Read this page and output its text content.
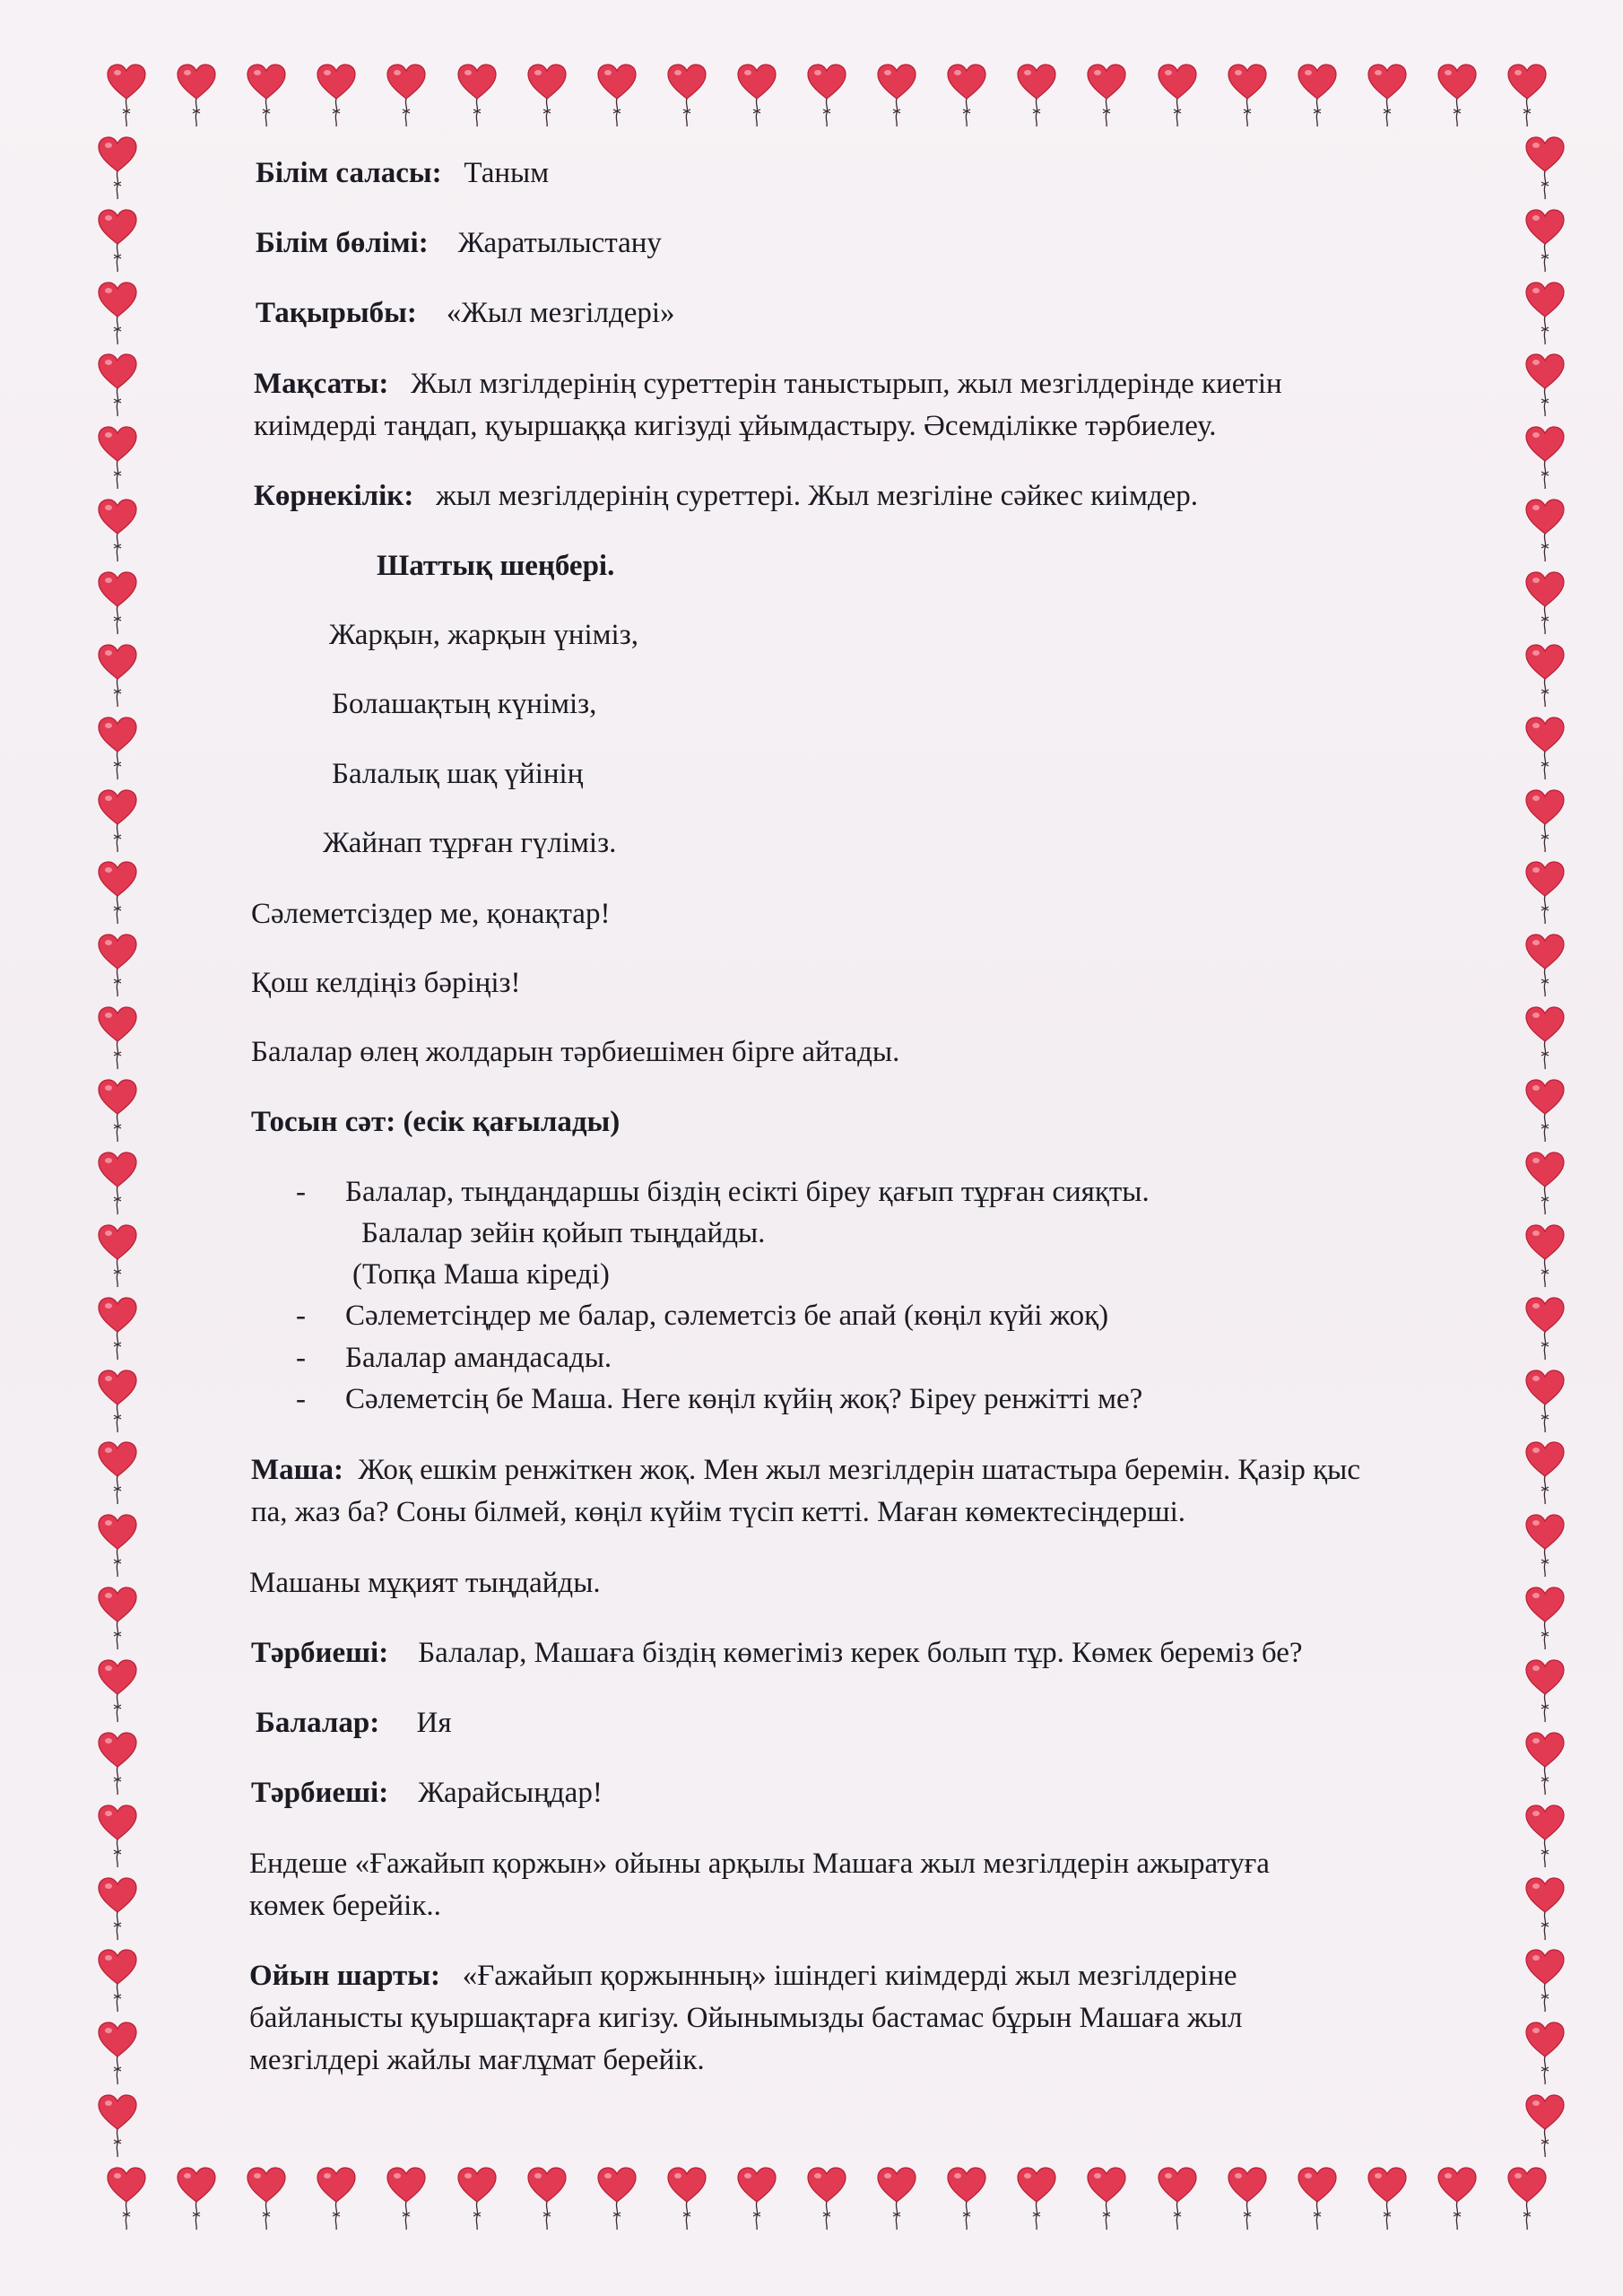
Білім саласы: Таным
Білім бөлімі: Жаратылыстану
Тақырыбы: «Жыл мезгілдері»
Мақсаты: Жыл мзгілдерінің суреттерін таныстырып, жыл мезгілдерінде киетін
киімдерді таңдап, қуыршаққа кигізуді ұйымдастыру. Әсемділікке тәрбиелеу.
Көрнекілік: жыл мезгілдерінің суреттері. Жыл мезгіліне сәйкес киімдер.
Шаттық шеңбері.
Жарқын, жарқын үніміз,
Болашақтың күніміз,
Балалық шақ үйінің
Жайнап тұрған гүліміз.
Сәлеметсіздер ме, қонақтар!
Қош келдіңіз бәріңіз!
Балалар өлең жолдарын тәрбиешімен бірге айтады.
Тосын сәт: (есік қағылады)
- Балалар, тыңдаңдаршы біздің есікті біреу қағып тұрған сияқты.
Балалар зейін қойып тыңдайды.
(Топқа Маша кіреді)
- Сәлеметсіңдер ме балар, сәлеметсіз бе апай (көңіл күйі жоқ)
- Балалар амандасады.
- Сәлеметсің бе Маша. Неге көңіл күйің жоқ? Біреу ренжітті ме?
Маша: Жоқ ешкім ренжіткен жоқ. Мен жыл мезгілдерін шатастыра беремін. Қазір қыс
па, жаз ба? Соны білмей, көңіл күйім түсіп кетті. Маған көмектесіңдерші.
Машаны мұқият тыңдайды.
Тәрбиеші: Балалар, Машаға біздің көмегіміз керек болып тұр. Көмек береміз бе?
Балалар: Ия
Тәрбиеші: Жарайсыңдар!
Ендеше «Ғажайып қоржын» ойыны арқылы Машаға жыл мезгілдерін ажыратуға
көмек берейік..
Ойын шарты: «Ғажайып қоржынның» ішіндегі киімдерді жыл мезгілдеріне
байланысты қуыршақтарға кигізу. Ойынымызды бастамас бұрын Машаға жыл
мезгілдері жайлы мағлұмат берейік.
